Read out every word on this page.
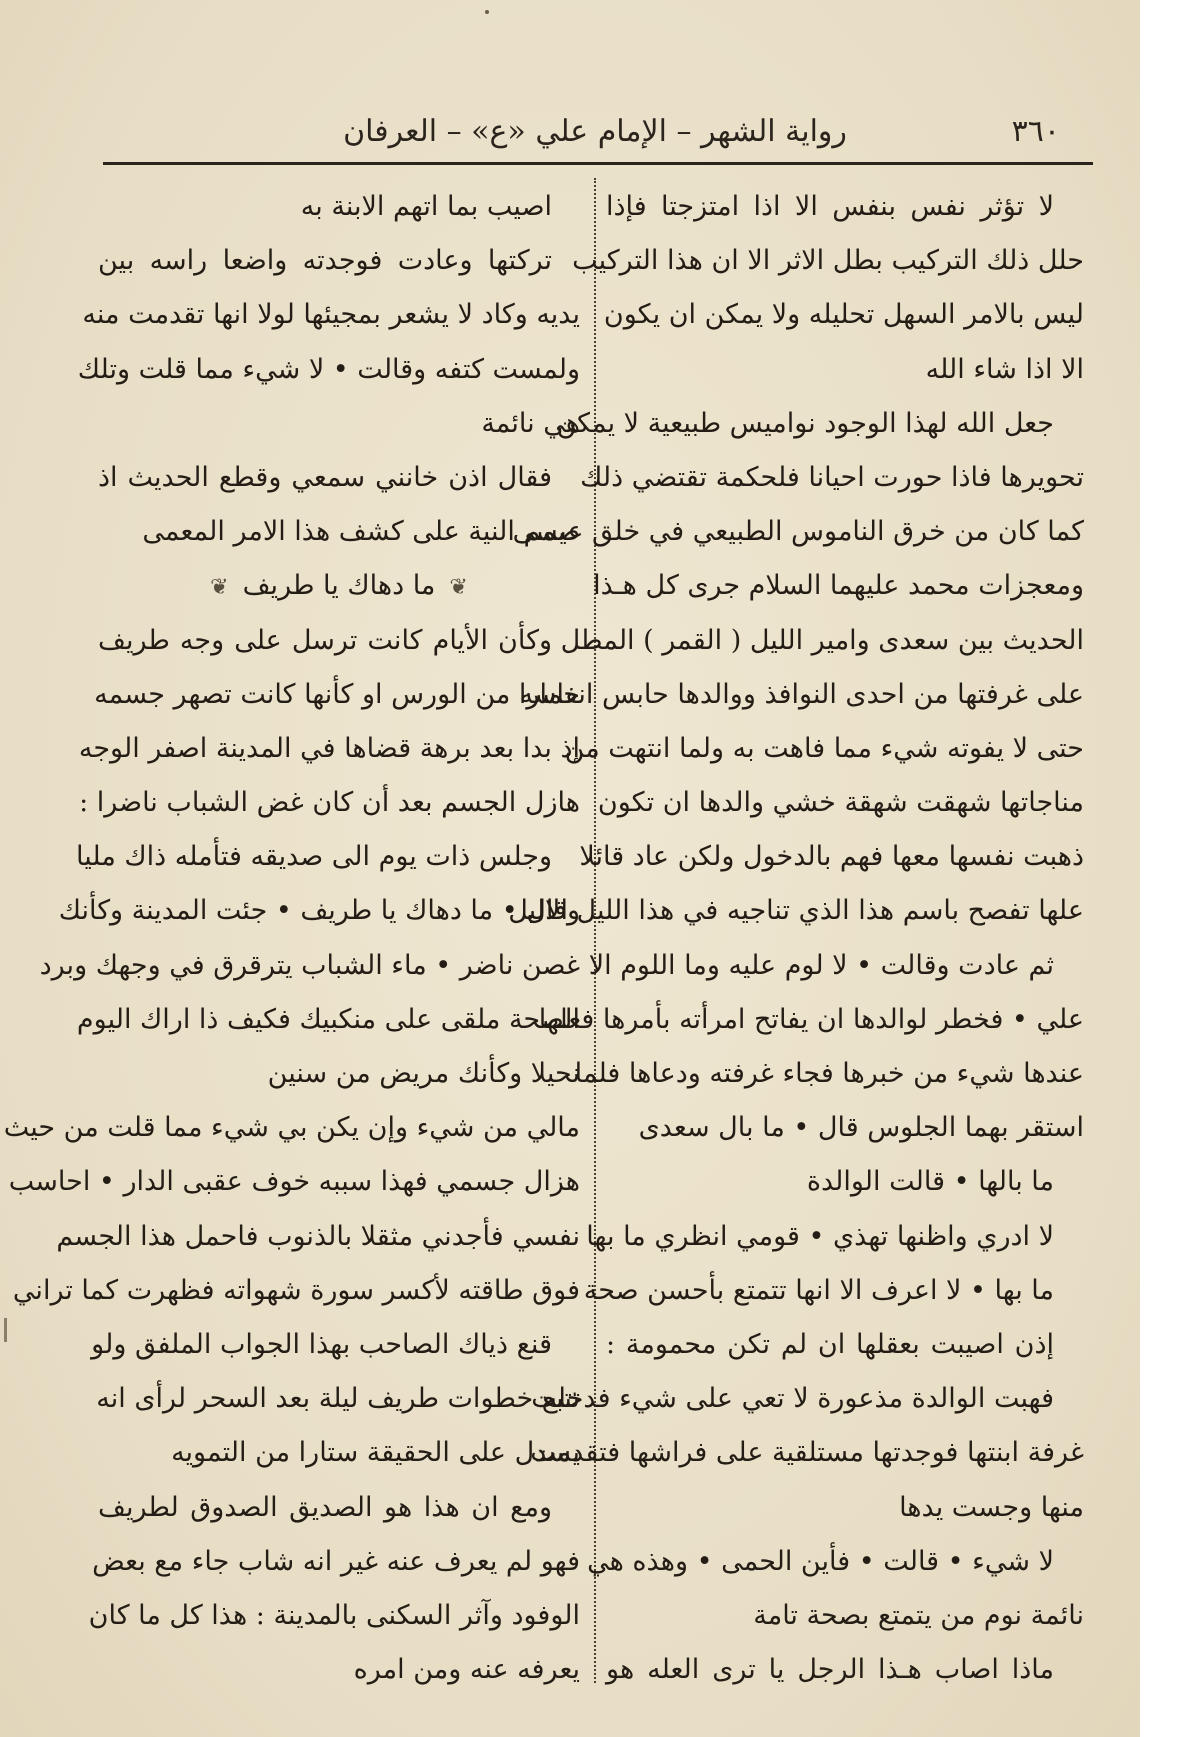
٣٦٠
رواية الشهر – الإمام علي «ع» – العرفان
لا تؤثر نفس بنفس الا اذا امتزجتا فإذا
حلل ذلك التركيب بطل الاثر الا ان هذا التركيب
ليس بالامر السهل تحليله ولا يمكن ان يكون
الا اذا شاء الله
جعل الله لهذا الوجود نواميس طبيعية لا يمكن
تحويرها فاذا حورت احيانا فلحكمة تقتضي ذلك
كما كان من خرق الناموس الطبيعي في خلق عيسى
ومعجزات محمد عليهما السلام جرى كل هـذا
الحديث بين سعدى وامير الليل ( القمر ) المطل
على غرفتها من احدى النوافذ ووالدها حابس انفاسه
حتى لا يفوته شيء مما فاهت به ولما انتهت من
مناجاتها شهقت شهقة خشي والدها ان تكون
ذهبت نفسها معها فهم بالدخول ولكن عاد قائلا
علها تفصح باسم هذا الذي تناجيه في هذا الليل الاليل
ثم عادت وقالت • لا لوم عليه وما اللوم الا
علي • فخطر لوالدها ان يفاتح امرأته بأمرها فعلها
عندها شيء من خبرها فجاء غرفته ودعاها فلما
استقر بهما الجلوس قال • ما بال سعدى
ما بالها • قالت الوالدة
لا ادري واظنها تهذي • قومي انظري ما بها
ما بها • لا اعرف الا انها تتمتع بأحسن صحة
إذن اصيبت بعقلها ان لم تكن محمومة :
فهبت الوالدة مذعورة لا تعي على شيء فدخلت
غرفة ابنتها فوجدتها مستلقية على فراشها فتقدمت
منها وجست يدها
لا شيء • قالت • فأين الحمى • وهذه هي
نائمة نوم من يتمتع بصحة تامة
ماذا اصاب هـذا الرجل يا ترى العله هو
اصيب بما اتهم الابنة به
تركتها وعادت فوجدته واضعا راسه بين
يديه وكاد لا يشعر بمجيئها لولا انها تقدمت منه
ولمست كتفه وقالت • لا شيء مما قلت وتلك
هي نائمة
فقال اذن خانني سمعي وقطع الحديث اذ
صمم النية على كشف هذا الامر المعمى
❦ما دهاك يا طريف❦
وكأن الأيام كانت ترسل على وجه طريف
خمارا من الورس او كأنها كانت تصهر جسمه
إذ بدا بعد برهة قضاها في المدينة اصفر الوجه
هازل الجسم بعد أن كان غض الشباب ناضرا :
وجلس ذات يوم الى صديقه فتأمله ذاك مليا
وقال • ما دهاك يا طريف • جئت المدينة وكأنك
غصن ناضر • ماء الشباب يترقرق في وجهك وبرد
الصحة ملقى على منكبيك فكيف ذا اراك اليوم
نحيلا وكأنك مريض من سنين
مالي من شيء وإن يكن بي شيء مما قلت من حيث
هزال جسمي فهذا سببه خوف عقبى الدار • احاسب
نفسي فأجدني مثقلا بالذنوب فاحمل هذا الجسم
فوق طاقته لأكسر سورة شهواته فظهرت كما تراني
قنع ذياك الصاحب بهذا الجواب الملفق ولو
تتبع خطوات طريف ليلة بعد السحر لرأى انه
يسدل على الحقيقة ستارا من التمويه
ومع ان هذا هو الصديق الصدوق لطريف
فهو لم يعرف عنه غير انه شاب جاء مع بعض
الوفود وآثر السكنى بالمدينة : هذا كل ما كان
يعرفه عنه ومن امره
